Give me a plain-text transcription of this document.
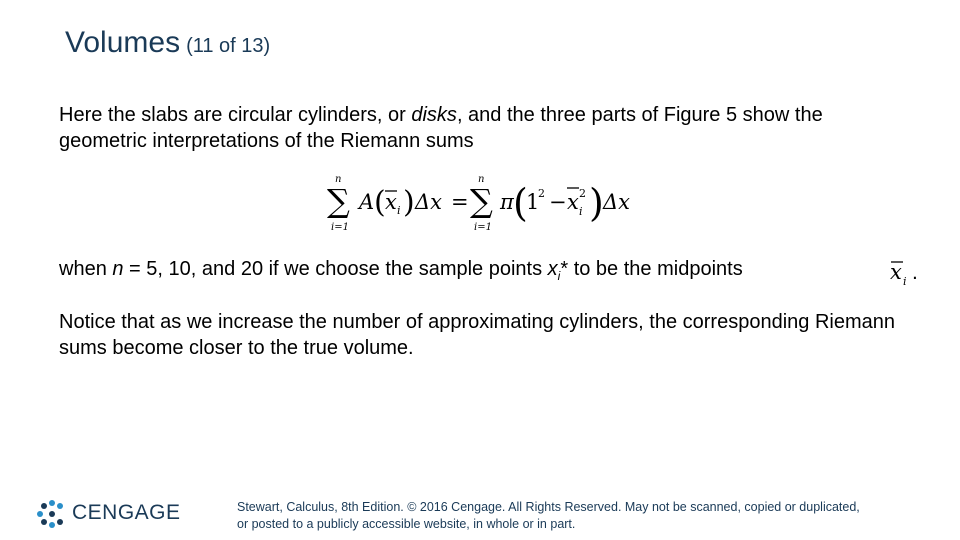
Volumes (11 of 13)
Here the slabs are circular cylinders, or disks, and the three parts of Figure 5 show the geometric interpretations of the Riemann sums
n
∑
i=1
A ( x i ) Δx =
n
∑
i=1
π (
1
2 − x 2
i ) Δx
when n = 5, 10, and 20 if we choose the sample points $x_i*$ to be the midpoints	x i .
Notice that as we increase the number of approximating cylinders, the corresponding Riemann sums become closer to the true volume.
CENGAGE	Stewart, Calculus, 8th Edition. © 2016 Cengage. All Rights Reserved. May not be scanned, copied or duplicated,
or posted to a publicly accessible website, in whole or in part.
